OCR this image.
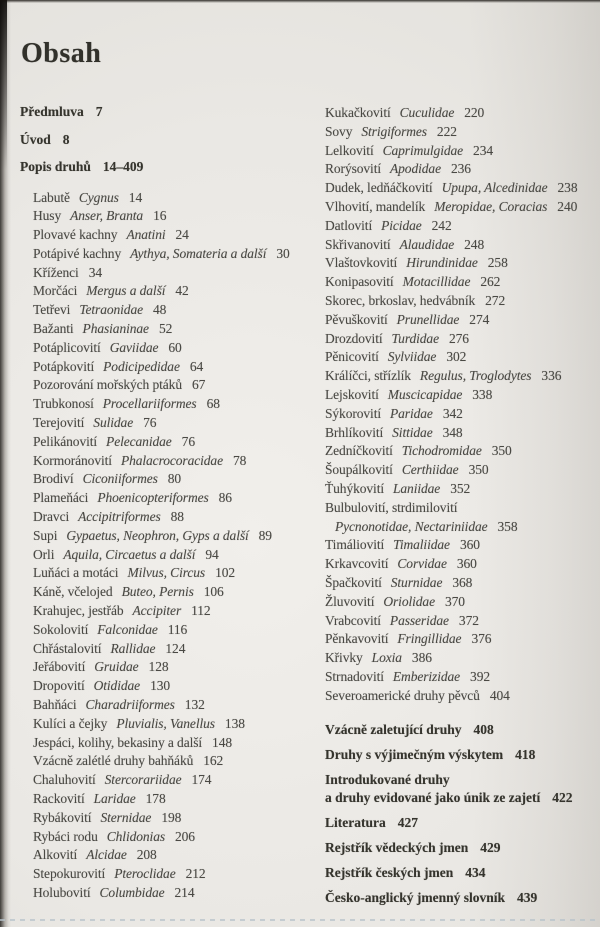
Obsah
Předmluva 7
Úvod 8
Popis druhů 14–409
Labutě Cygnus 14
Husy Anser, Branta 16
Plovavé kachny Anatini 24
Potápivé kachny Aythya, Somateria a další 30
Kříženci 34
Morčáci Mergus a další 42
Tetřevi Tetraonidae 48
Bažanti Phasianinae 52
Potáplicovití Gaviidae 60
Potápkovití Podicipedidae 64
Pozorování mořských ptáků 67
Trubkonosí Procellariiformes 68
Terejovití Sulidae 76
Pelikánovití Pelecanidae 76
Kormoránovití Phalacrocoracidae 78
Brodiví Ciconiiformes 80
Plameňáci Phoenicopteriformes 86
Dravci Accipitriformes 88
Supi Gypaetus, Neophron, Gyps a další 89
Orli Aquila, Circaetus a další 94
Luňáci a motáci Milvus, Circus 102
Káně, včelojed Buteo, Pernis 106
Krahujec, jestřáb Accipiter 112
Sokolovití Falconidae 116
Chřástalovití Rallidae 124
Jeřábovití Gruidae 128
Dropovití Otididae 130
Bahňáci Charadriiformes 132
Kulíci a čejky Pluvialis, Vanellus 138
Jespáci, kolihy, bekasiny a další 148
Vzácně zalétlé druhy bahňáků 162
Chaluhovití Stercorariidae 174
Rackovití Laridae 178
Rybákovití Sternidae 198
Rybáci rodu Chlidonias 206
Alkovití Alcidae 208
Stepokurovití Pteroclidae 212
Holubovití Columbidae 214
Kukačkovití Cuculidae 220
Sovy Strigiformes 222
Lelkovití Caprimulgidae 234
Rorýsovití Apodidae 236
Dudek, ledňáčkovití Upupa, Alcedinidae 238
Vlhovití, mandelík Meropidae, Coracias 240
Datlovití Picidae 242
Skřivanovití Alaudidae 248
Vlaštovkovití Hirundinidae 258
Konipasovití Motacillidae 262
Skorec, brkoslav, hedvábník 272
Pěvuškovití Prunellidae 274
Drozdovití Turdidae 276
Pěnicovití Sylviidae 302
Králíčci, střízlík Regulus, Troglodytes 336
Lejskovití Muscicapidae 338
Sýkorovití Paridae 342
Brhlíkovití Sittidae 348
Zedníčkovití Tichodromidae 350
Šoupálkovití Certhiidae 350
Ťuhýkovití Laniidae 352
Bulbulovití, strdimilovití
Pycnonotidae, Nectariniidae 358
Timáliovití Timaliidae 360
Krkavcovití Corvidae 360
Špačkovití Sturnidae 368
Žluvovití Oriolidae 370
Vrabcovití Passeridae 372
Pěnkavovití Fringillidae 376
Křivky Loxia 386
Strnadovití Emberizidae 392
Severoamerické druhy pěvců 404
Vzácně zaletující druhy 408
Druhy s výjimečným výskytem 418
Introdukované druhy
a druhy evidované jako únik ze zajetí 422
Literatura 427
Rejstřík vědeckých jmen 429
Rejstřík českých jmen 434
Česko-anglický jmenný slovník 439
